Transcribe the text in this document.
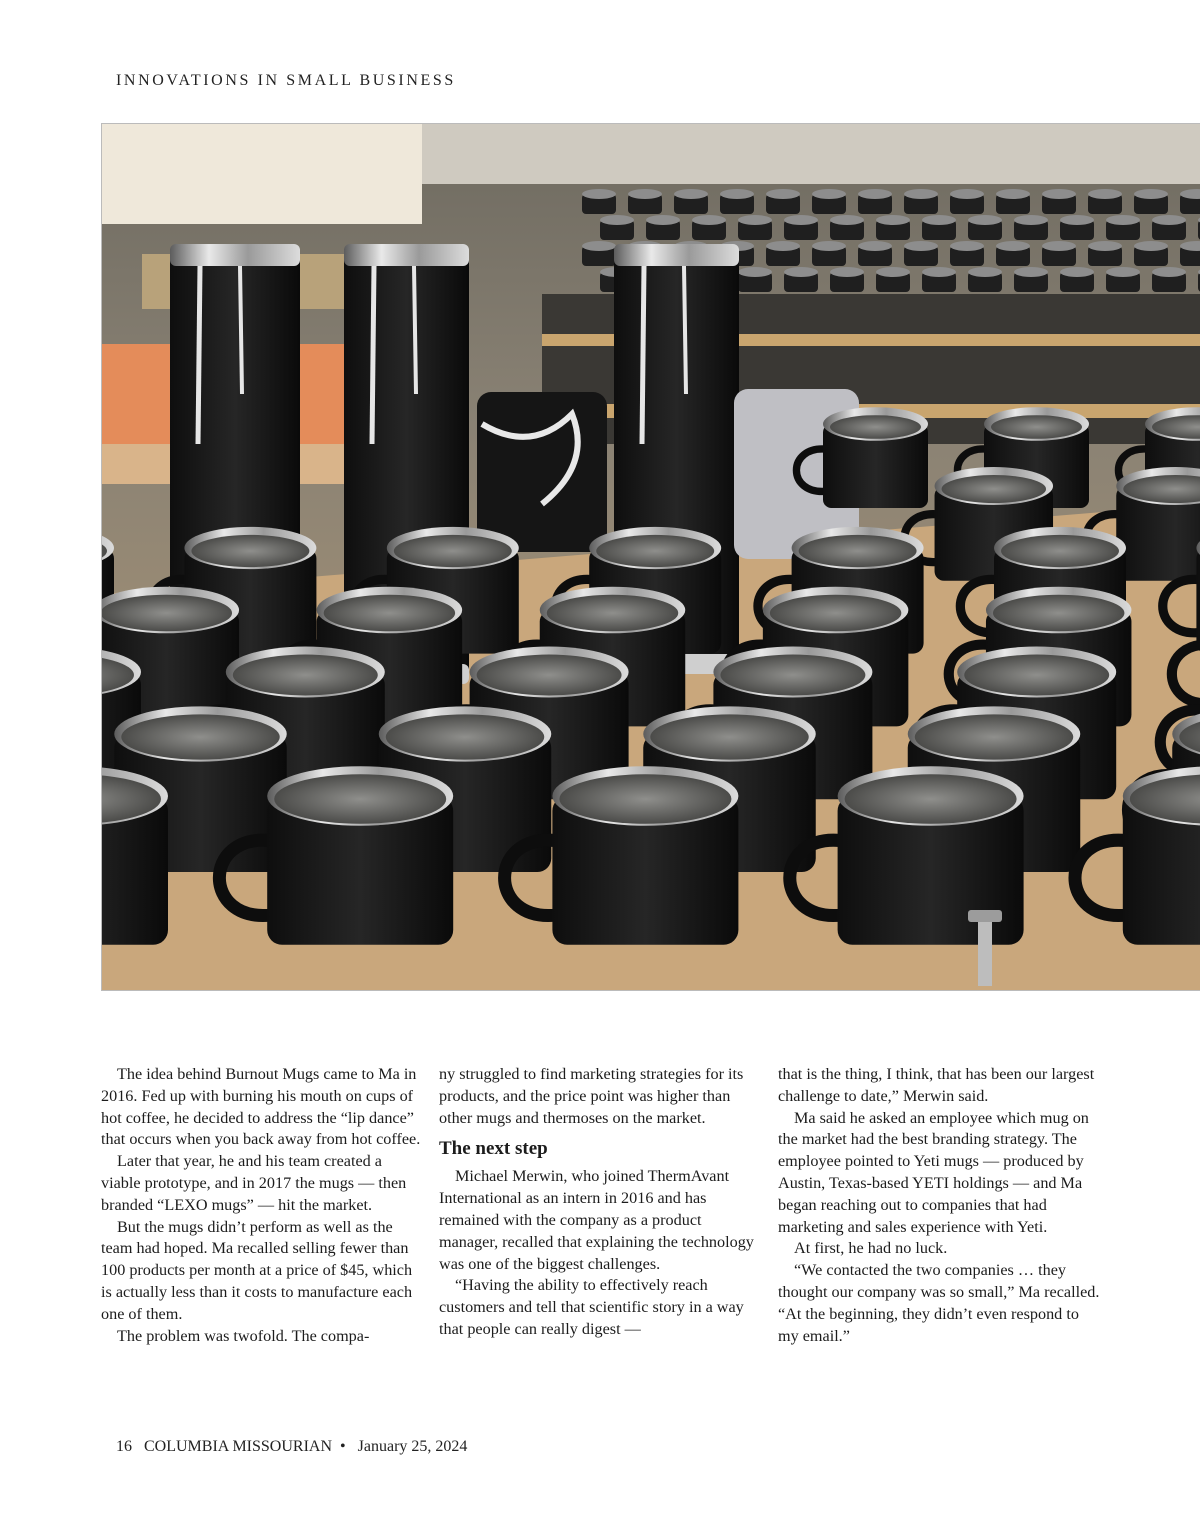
INNOVATIONS IN SMALL BUSINESS

The idea behind Burnout Mugs came to Ma in 2016. Fed up with burning his mouth on cups of hot coffee, he decided to address the “lip dance” that occurs when you back away from hot coffee.

Later that year, he and his team created a viable prototype, and in 2017 the mugs — then branded “LEXO mugs” — hit the market.

But the mugs didn’t perform as well as the team had hoped. Ma recalled selling fewer than 100 products per month at a price of $45, which is actually less than it costs to manufacture each one of them.

The problem was twofold. The compa-

ny struggled to find marketing strategies for its products, and the price point was higher than other mugs and thermoses on the market.

The next step

Michael Merwin, who joined ThermAvant International as an intern in 2016 and has remained with the company as a product manager, recalled that explaining the technology was one of the biggest challenges.

“Having the ability to effectively reach customers and tell that scientific story in a way that people can really digest —

that is the thing, I think, that has been our largest challenge to date,” Merwin said.

Ma said he asked an employee which mug on the market had the best branding strategy. The employee pointed to Yeti mugs — produced by Austin, Texas-based YETI holdings — and Ma began reaching out to companies that had marketing and sales experience with Yeti.

At first, he had no luck.

“We contacted the two companies … they thought our company was so small,” Ma recalled. “At the beginning, they didn’t even respond to my email.”

16 COLUMBIA MISSOURIAN • January 25, 2024
